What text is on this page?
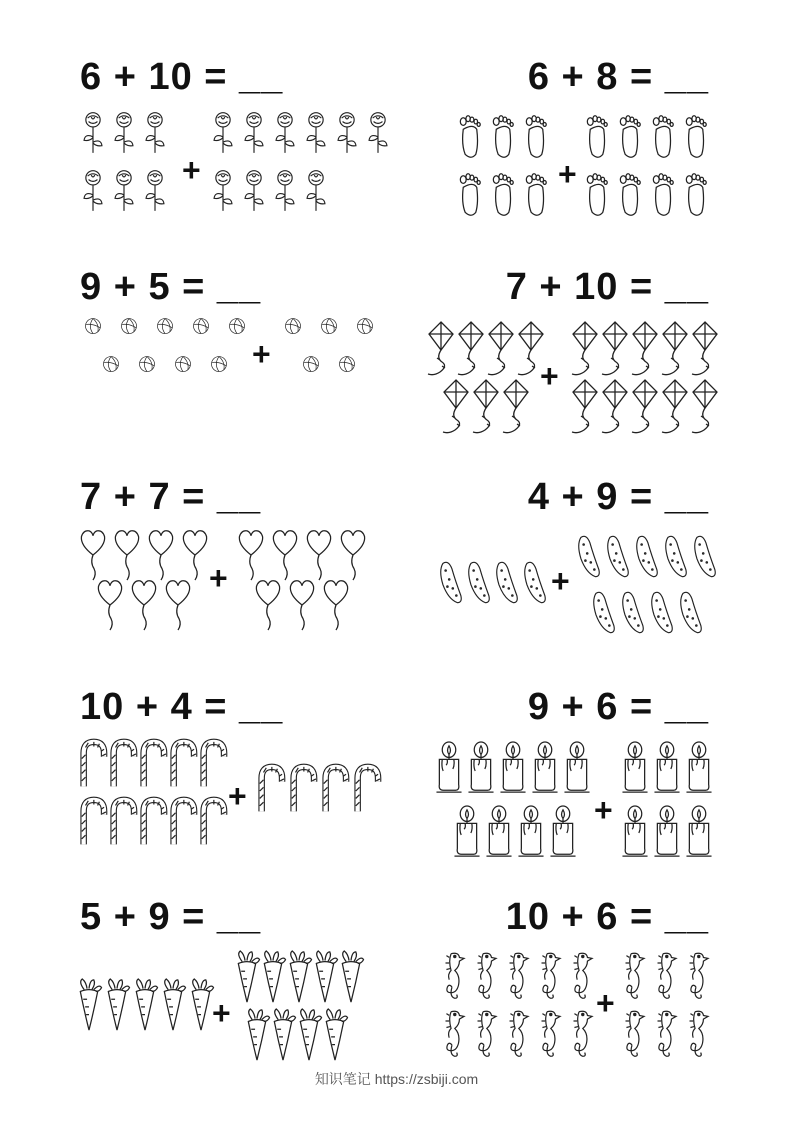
6 + 10 = __	6 + 8 = __
9 + 5 = __	7 + 10 = __
7 + 7 = __	4 + 9 = __
10 + 4 = __	9 + 6 = __
5 + 9 = __	10 + 6 = __
+	+
+
+
+	+
+	+
+	+
知识笔记 https://zsbiji.com
